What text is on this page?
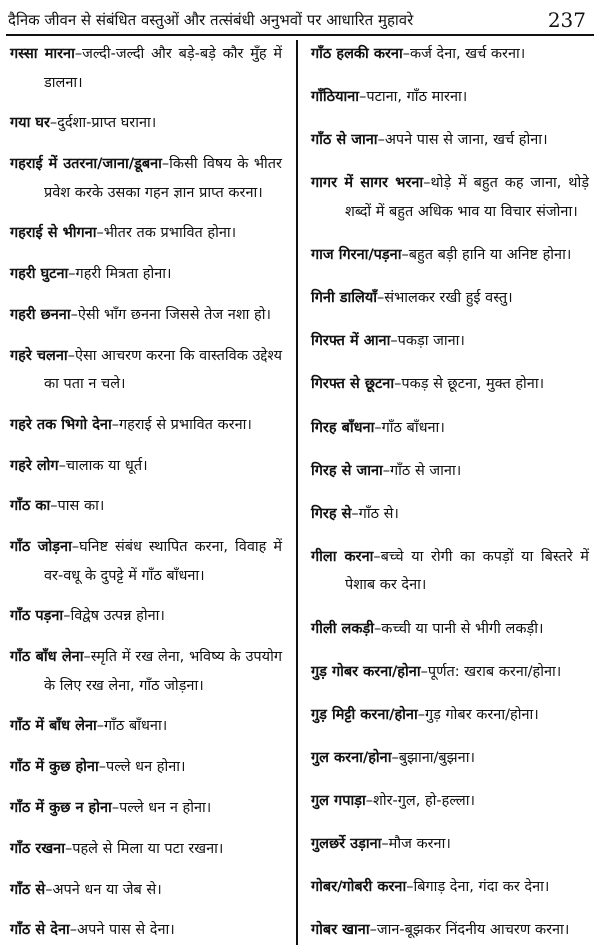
दैनिक जीवन से संबंधित वस्तुओं और तत्संबंधी अनुभवों पर आधारित मुहावरे	237
गस्सा मारना–जल्दी-जल्दी और बड़े-बड़े कौर मुँह में डालना।
गया घर–दुर्दशा-प्राप्त घराना।
गहराई में उतरना/जाना/डूबना–किसी विषय के भीतर प्रवेश करके उसका गहन ज्ञान प्राप्त करना।
गहराई से भीगना–भीतर तक प्रभावित होना।
गहरी घुटना–गहरी मित्रता होना।
गहरी छनना–ऐसी भाँग छनना जिससे तेज नशा हो।
गहरे चलना–ऐसा आचरण करना कि वास्तविक उद्देश्य का पता न चले।
गहरे तक भिगो देना–गहराई से प्रभावित करना।
गहरे लोग–चालाक या धूर्त।
गाँठ का–पास का।
गाँठ जोड़ना–घनिष्ट संबंध स्थापित करना, विवाह में वर-वधू के दुपट्टे में गाँठ बाँधना।
गाँठ पड़ना–विद्वेष उत्पन्न होना।
गाँठ बाँध लेना–स्मृति में रख लेना, भविष्य के उपयोग के लिए रख लेना, गाँठ जोड़ना।
गाँठ में बाँध लेना–गाँठ बाँधना।
गाँठ में कुछ होना–पल्ले धन होना।
गाँठ में कुछ न होना–पल्ले धन न होना।
गाँठ रखना–पहले से मिला या पटा रखना।
गाँठ से–अपने धन या जेब से।
गाँठ से देना–अपने पास से देना।
गाँठ हलकी करना–कर्ज देना, खर्च करना।
गाँठियाना–पटाना, गाँठ मारना।
गाँठ से जाना–अपने पास से जाना, खर्च होना।
गागर में सागर भरना–थोड़े में बहुत कह जाना, थोड़े शब्दों में बहुत अधिक भाव या विचार संजोना।
गाज गिरना/पड़ना–बहुत बड़ी हानि या अनिष्ट होना।
गिनी डालियाँ–संभालकर रखी हुई वस्तु।
गिरफ्त में आना–पकड़ा जाना।
गिरफ्त से छूटना–पकड़ से छूटना, मुक्त होना।
गिरह बाँधना–गाँठ बाँधना।
गिरह से जाना–गाँठ से जाना।
गिरह से–गाँठ से।
गीला करना–बच्चे या रोगी का कपड़ों या बिस्तरे में पेशाब कर देना।
गीली लकड़ी–कच्ची या पानी से भीगी लकड़ी।
गुड़ गोबर करना/होना–पूर्णत: खराब करना/होना।
गुड़ मिट्टी करना/होना–गुड़ गोबर करना/होना।
गुल करना/होना–बुझाना/बुझना।
गुल गपाड़ा–शोर-गुल, हो-हल्ला।
गुलछर्रे उड़ाना–मौज करना।
गोबर/गोबरी करना–बिगाड़ देना, गंदा कर देना।
गोबर खाना–जान-बूझकर निंदनीय आचरण करना।
